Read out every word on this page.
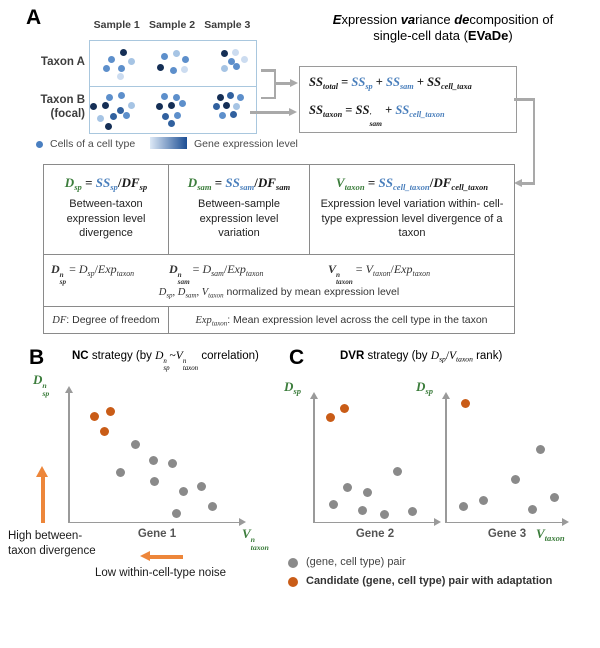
A	Sample 1 Sample 2 Sample 3
Taxon A
Taxon B
(focal)
Cells of a cell type	Gene expression level
Expression variance decomposition of
single-cell data (EVaDe)
$SS_{total} = SS_{sp} + SS_{sam} + SS_{cell\_taxa}$
$SS_{taxon}$ = SS ′
sam
+ $SS_{cell\_taxon}$
$D_{sp} = SS_{sp}/DF_{sp}$
Between-taxon expression level divergence
$D_{sam} = SS_{sam}/DF_{sam}$
Between-sample expression level variation
$V_{taxon} = SS_{cell\_taxon}/DF_{cell\_taxon}$
Expression level variation within- cell-type expression level divergence of a taxon
D n
sp
= $D_{sp}/Exp_{taxon}$	D n
sam
= $D_{sam}/Exp_{taxon}$	V n
taxon
= $V_{taxon}/Exp_{taxon}$
$D_{sp}$, $D_{sam}$, $V_{taxon}$ normalized by mean expression level
DF: Degree of freedom	Exp$_{taxon}$: Mean expression level across the cell type in the taxon
B NC strategy (by D n
sp
~V n
taxon
correlation)
D n
sp
V n
taxon
Gene 1
High between-
taxon divergence
Low within-cell-type noise
C	DVR strategy (by $D_{sp}/V_{taxon}$ rank)
$D_{sp}$
Gene 2
$D_{sp}$
Gene 3 $V_{taxon}$
(gene, cell type) pair
Candidate (gene, cell type) pair with adaptation
